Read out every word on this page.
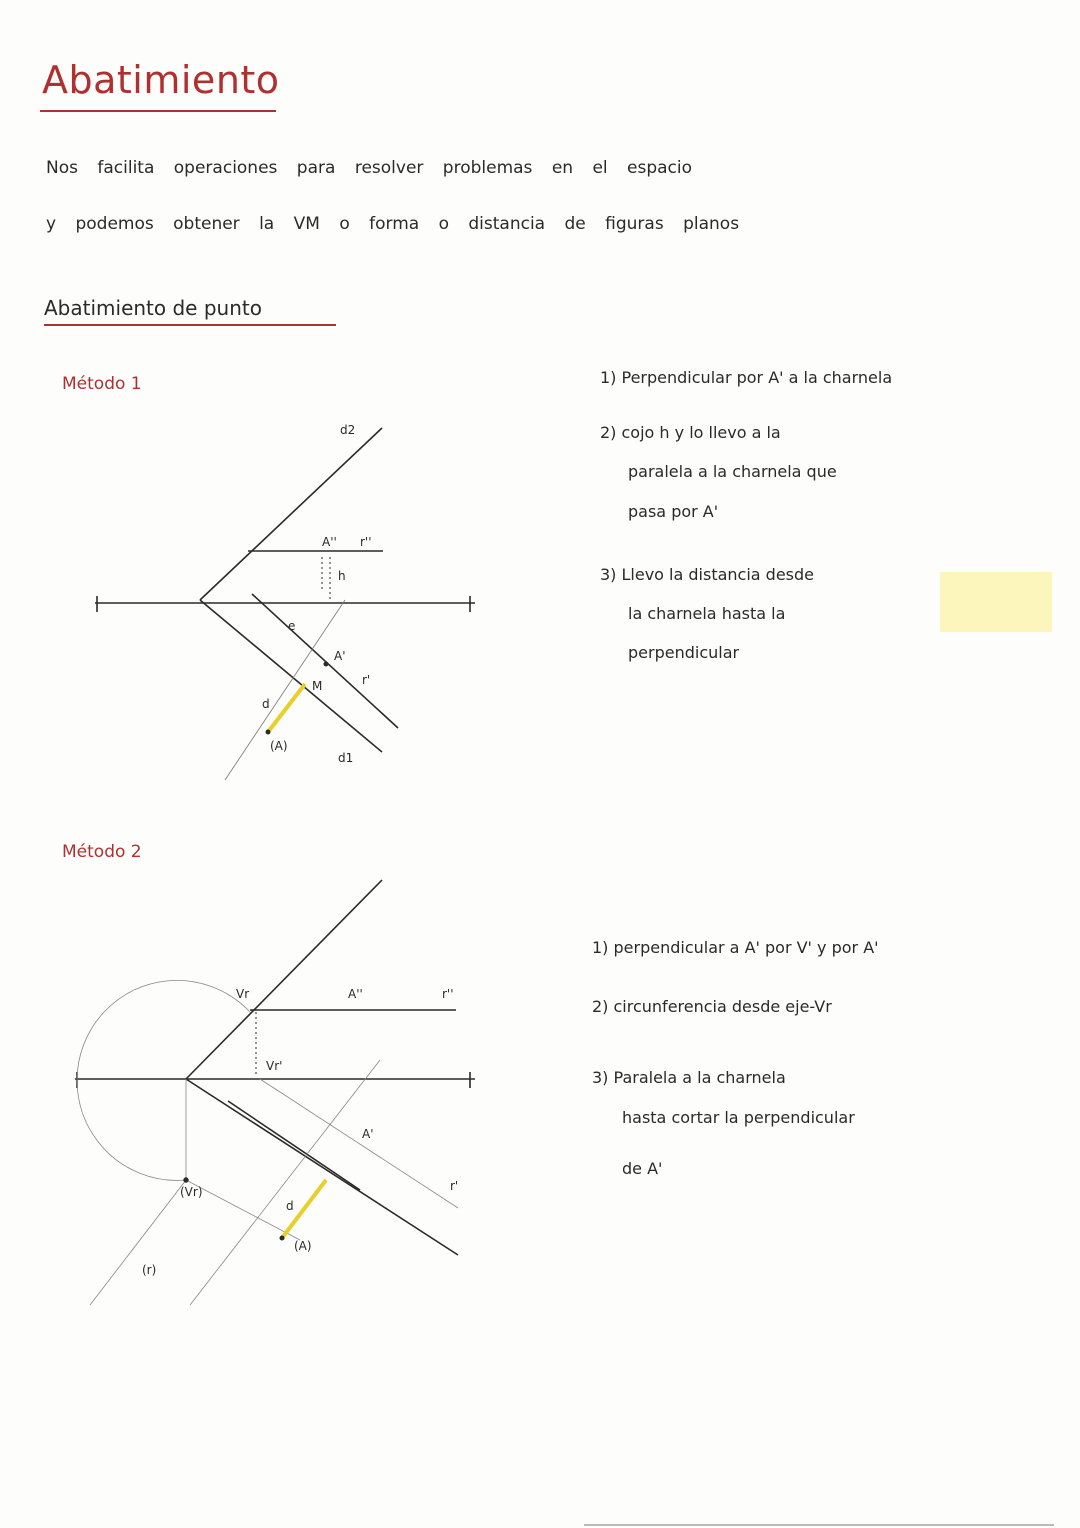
Abatimiento
Nos facilita operaciones para resolver problemas en el espacio
y podemos obtener la VM o forma o distancia de figuras planos
Abatimiento de punto
Método 1
Método 2

1) Perpendicular por A' a la charnela

2) cojo h y lo llevo a la

paralela a la charnela que
pasa por A'

3) Llevo la distancia desde

la charnela hasta la
perpendicular

1) perpendicular a A' por V' y por A'

2) circunferencia desde eje-Vr

3) Paralela a la charnela

hasta cortar la perpendicular

de A'

d2
A'' r''
h
e
A'
r'
M
d
(A)
d1
Vr	A''	r''
Vr'
A'
(Vr)
d
r'
(A)
(r)
